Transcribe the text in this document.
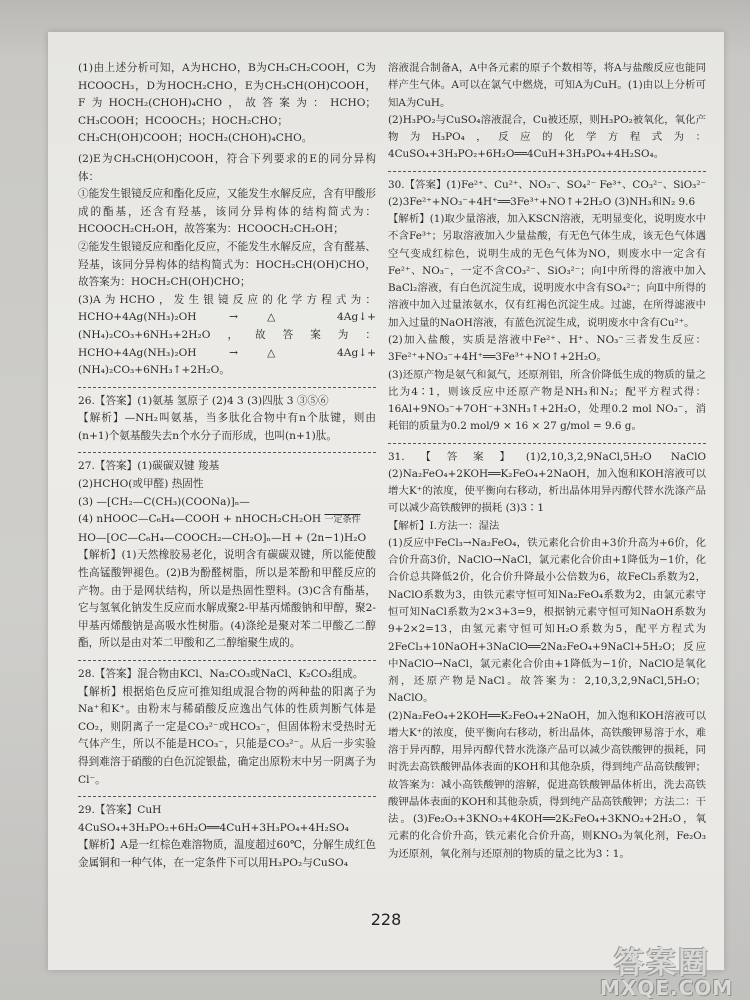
(1)由上述分析可知，A为HCHO，B为CH₃CH₂COOH，C为HCOOCH₃，D为HOCH₂CHO，E为CH₃CH(OH)COOH，F为HOCH₂(CHOH)₄CHO，故答案为：HCHO；CH₃COOH；HCOOCH₃；HOCH₂CHO；CH₃CH(OH)COOH；HOCH₂(CHOH)₄CHO。

(2)E为CH₃CH(OH)COOH，符合下列要求的E的同分异构体：

①能发生银镜反应和酯化反应，又能发生水解反应，含有甲酸形成的酯基，还含有羟基，该同分异构体的结构简式为：HCOOCH₂CH₂OH，故答案为：HCOOCH₂CH₂OH；

②能发生银镜反应和酯化反应，不能发生水解反应，含有醛基、羟基，该同分异构体的结构简式为：HOCH₂CH(OH)CHO，故答案为：HOCH₂CH(OH)CHO；

(3)A为HCHO，发生银镜反应的化学方程式为：HCHO+4Ag(NH₃)₂OH →△ 4Ag↓+(NH₄)₂CO₃+6NH₃+2H₂O，故答案为：HCHO+4Ag(NH₃)₂OH →△ 4Ag↓+(NH₄)₂CO₃+6NH₃↑+2H₂O。

26.【答案】(1)氨基 氢原子 (2)4 3 (3)四肽 3 ③⑤⑥

【解析】—NH₂叫氨基，当多肽化合物中有n个肽键，则由(n+1)个氨基酸失去n个水分子而形成，也叫(n+1)肽。

27.【答案】(1)碳碳双键 羧基

(2)HCHO(或甲醛) 热固性

(3) —[CH₂—C(CH₃)(COONa)]ₙ—

(4) nHOOC—C₆H₄—COOH + nHOCH₂CH₂OH 一定条件

HO—[OC—C₆H₄—COOCH₂—CH₂O]ₙ—H + (2n−1)H₂O

【解析】(1)天然橡胶易老化，说明含有碳碳双键，所以能使酸性高锰酸钾褪色。(2)B为酚醛树脂，所以是苯酚和甲醛反应的产物。由于是网状结构，所以是热固性塑料。(3)C含有酯基，它与氢氧化钠发生反应而水解成聚2-甲基丙烯酸钠和甲醇，聚2-甲基丙烯酸钠是高吸水性树脂。(4)涤纶是聚对苯二甲酸乙二醇酯，所以是由对苯二甲酸和乙二醇缩聚生成的。

28.【答案】混合物由KCl、Na₂CO₃或NaCl、K₂CO₃组成。

【解析】根据焰色反应可推知组成混合物的两种盐的阳离子为Na⁺和K⁺。由粉末与稀硝酸反应逸出气体的性质判断气体是CO₂，则阴离子一定是CO₃²⁻或HCO₃⁻，但固体粉末受热时无气体产生，所以不能是HCO₃⁻，只能是CO₃²⁻。从后一步实验得到难溶于硝酸的白色沉淀银盐，确定出原粉末中另一阴离子为Cl⁻。

29.【答案】CuH

4CuSO₄+3H₃PO₂+6H₂O══4CuH+3H₃PO₄+4H₂SO₄

【解析】A是一红棕色难溶物质，温度超过60℃，分解生成红色金属铜和一种气体，在一定条件下可以用H₃PO₂与CuSO₄

溶液混合制备A，A中各元素的原子个数相等，将A与盐酸反应也能同样产生气体。A可以在氯气中燃烧，可知A为CuH。(1)由以上分析可知A为CuH。

(2)H₃PO₂与CuSO₄溶液混合，Cu被还原，则H₃PO₂被氧化，氧化产物为H₃PO₄，反应的化学方程式为：4CuSO₄+3H₃PO₂+6H₂O══4CuH+3H₃PO₄+4H₂SO₄。

30.【答案】(1)Fe²⁺、Cu²⁺、NO₃⁻、SO₄²⁻ Fe³⁺、CO₃²⁻、SiO₃²⁻ (2)3Fe²⁺+NO₃⁻+4H⁺══3Fe³⁺+NO↑+2H₂O (3)NH₃和N₂ 9.6

【解析】(1)取少量溶液，加入KSCN溶液，无明显变化，说明废水中不含Fe³⁺；另取溶液加入少量盐酸，有无色气体生成，该无色气体遇空气变成红棕色，说明生成的无色气体为NO，则废水中一定含有Fe²⁺、NO₃⁻，一定不含CO₃²⁻、SiO₃²⁻；向Ⅰ中所得的溶液中加入BaCl₂溶液，有白色沉淀生成，说明废水中含有SO₄²⁻；向Ⅱ中所得的溶液中加入过量浓氨水，仅有红褐色沉淀生成。过滤，在所得滤液中加入过量的NaOH溶液，有蓝色沉淀生成，说明废水中含有Cu²⁺。

(2)加入盐酸，实质是溶液中Fe²⁺、H⁺、NO₃⁻三者发生反应：3Fe²⁺+NO₃⁻+4H⁺══3Fe³⁺+NO↑+2H₂O。

(3)还原产物是氨气和氮气，还原剂铝，所含价降低生成的物质的量之比为4∶1，则该反应中还原产物是NH₃和N₂；配平方程式得：16Al+9NO₃⁻+7OH⁻+3NH₃↑+2H₂O，处理0.2 mol NO₃⁻，消耗铝的质量为0.2 mol/9 × 16 × 27 g/mol = 9.6 g。

31.【答案】(1)2,10,3,2,9NaCl,5H₂O NaClO (2)Na₂FeO₄+2KOH══K₂FeO₄+2NaOH，加入饱和KOH溶液可以增大K⁺的浓度，使平衡向右移动，析出晶体用异丙醇代替水洗涤产品可以减少高铁酸钾的损耗 (3)3∶1

【解析】Ⅰ.方法一：湿法

(1)反应中FeCl₃→Na₂FeO₄，铁元素化合价由+3价升高为+6价，化合价升高3价，NaClO→NaCl，氯元素化合价由+1降低为−1价，化合价总共降低2价，化合价升降最小公倍数为6，故FeCl₃系数为2，NaClO系数为3，由铁元素守恒可知Na₂FeO₄系数为2，由氯元素守恒可知NaCl系数为2×3+3=9，根据钠元素守恒可知NaOH系数为9+2×2=13，由氢元素守恒可知H₂O系数为5，配平方程式为2FeCl₃+10NaOH+3NaClO══2Na₂FeO₄+9NaCl+5H₂O；反应中NaClO→NaCl，氯元素化合价由+1降低为−1价，NaClO是氧化剂，还原产物是NaCl。故答案为：2,10,3,2,9NaCl,5H₂O；NaClO。

(2)Na₂FeO₄+2KOH══K₂FeO₄+2NaOH，加入饱和KOH溶液可以增大K⁺的浓度，使平衡向右移动，析出晶体，高铁酸钾易溶于水，难溶于异丙醇，用异丙醇代替水洗涤产品可以减少高铁酸钾的损耗，同时洗去高铁酸钾晶体表面的KOH和其他杂质，得到纯产品高铁酸钾；故答案为：减小高铁酸钾的溶解，促进高铁酸钾晶体析出，洗去高铁酸钾晶体表面的KOH和其他杂质，得到纯产品高铁酸钾；方法二：干法。(3)Fe₂O₃+3KNO₃+4KOH══2K₂FeO₄+3KNO₂+2H₂O，氧元素的化合价升高，铁元素化合价升高，则KNO₃为氧化剂，Fe₂O₃为还原剂，氧化剂与还原剂的物质的量之比为3∶1。

228
答案圈
MXQE.COM
